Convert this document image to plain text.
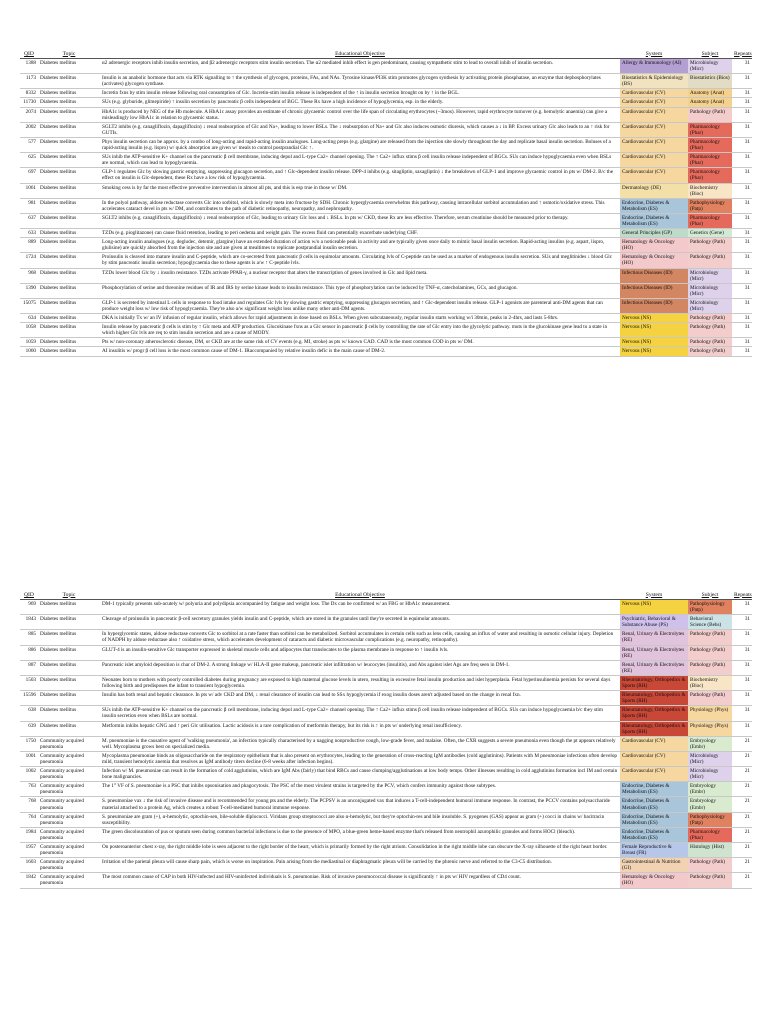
QID	Topic	Educational Objective	System	Subject	Repeats
1388	Diabetes mellitus	α2 adrenergic receptors inhib insulin secretion, and β2 adrenergic receptors stim insulin secretion. The α2 mediated inhib effect is gen predominant, causing sympathetic stim to lead to overall inhib of insulin secretion.	Allergy & Immunology (AI)	Microbiology (Micr)	31
1173	Diabetes mellitus	Insulin is an anabolic hormone that acts via RTK signalling to ↑ the synthesis of glycogen, proteins, FAs, and NAs. Tyrosine kinase/PI3K stim promotes glycogen synthesis by activating protein phosphatase, an enzyme that dephosphorylates (activates) glycogen synthase.	Biostatistics & Epidemiology (BS)	Biostatistics (Bios)	31
8332	Diabetes mellitus	Incretin fxns by stim insulin release following oral consumption of Glc. Incretin-stim insulin release is independent of the ↑ in insulin secretion brought on by ↑ in the BGL.	Cardiovascular (CV)	Anatomy (Anat)	31
11730	Diabetes mellitus	SUs (e.g. glyburide, glimepiride) ↑ insulin secretion by pancreatic β cells independent of BGC. These Rx have a high incidence of hypoglycemia, esp. in the elderly.	Cardiovascular (CV)	Anatomy (Anat)	31
2074	Diabetes mellitus	HbA1c is produced by NEG of the Hb molecule. A HbA1c assay provides an estimate of chronic glycaemic control over the life span of circulating erythrocytes (~3mos). However, rapid erythrocyte turnover (e.g. hemolytic anaemia) can give a misleadingly low HbA1c in relation to glycaemic status.	Cardiovascular (CV)	Pathology (Path)	31
2002	Diabetes mellitus	SGLT2 inhibs (e.g. canagliflozin, dapagliflozin) ↓ renal reabsorption of Glc and Na+, leading to lower BSLs. The ↓ reabsorption of Na+ and Glc also induces osmotic diuresis, which causes a ↓ in BP. Excess urinary Glc also leads to an ↑ risk for GUTIs.	Cardiovascular (CV)	Pharmacology (Phar)	31
577	Diabetes mellitus	Phys insulin secretion can be approx. by a combo of long-acting and rapid-acting insulin analogues. Long-acting preps (e.g. glargine) are released from the injection site slowly throughout the day and replicate basal insulin secretion. Boluses of a rapid-acting insulin (e.g. lispro) w/ quick absorption are given w/ meals to control postprandial Glc ↑.	Cardiovascular (CV)	Pharmacology (Phar)	31
625	Diabetes mellitus	SUs inhib the ATP-sensitive K+ channel on the pancreatic β cell membrane, inducing depol and L-type Ca2+ channel opening. The ↑ Ca2+ influx stims β cell insulin release independent of BGCs. SUs can induce hypoglycaemia even when BSLs are normal, which can lead to hypoglycaemia.	Cardiovascular (CV)	Pharmacology (Phar)	31
697	Diabetes mellitus	GLP-1 regulates Glc by slowing gastric emptying, suppressing glucagon secretion, and ↑ Glc-dependent insulin release. DPP-4 inhibs (e.g. sitagliptin, saxagliptin) ↓ the breakdown of GLP-1 and improve glycaemic control in pts w/ DM-2. B/c the effect on insulin is Glc-dependent, these Rx have a low risk of hypoglycaemia.	Cardiovascular (CV)	Pharmacology (Phar)	31
1061	Diabetes mellitus	Smoking cess is by far the most effective preventive intervention in almost all pts, and this is esp true in those w/ DM.	Dermatology (DE)	Biochemistry (Bioc)	31
981	Diabetes mellitus	In the polyol pathway, aldose reductase converts Glc into sorbitol, which is slowly meta into fructose by SDH. Chronic hyperglycaemia overwhelms this pathway, causing intracellular sorbitol accumulation and ↑ osmotic/oxidative stress. This accelerates cataract devel in pts w/ DM, and contributes to the path of diabetic retinopathy, neuropathy, and nephropathy.	Endocrine, Diabetes & Metabolism (ES)	Pathophysiology (Patp)	31
637	Diabetes mellitus	SGLT2 inhibs (e.g. canagliflozin, dapagliflozin) ↓ renal reabsorption of Glc, leading to urinary Glc loss and ↓ BSLs. In pts w/ CKD, these Rx are less effective. Therefore, serum creatinine should be measured prior to therapy.	Endocrine, Diabetes & Metabolism (ES)	Pharmacology (Phar)	31
633	Diabetes mellitus	TZDs (e.g. pioglitazone) can cause fluid retention, leading to peri oedema and weight gain. The excess fluid can potentially exacerbate underlying CHF.	General Principles (GP)	Genetics (Gene)	31
889	Diabetes mellitus	Long-acting insulin analogues (e.g. degludec, detemir, glargine) have an extended duration of action w/o a noticeable peak in activity and are typically given once daily to mimic basal insulin secretion. Rapid-acting insulins (e.g. aspart, lispro, glulisine) are quickly absorbed from the injection site and are given at mealtimes to replicate postprandial insulin secretion.	Hematology & Oncology (HO)	Pathology (Path)	31
1724	Diabetes mellitus	Proinsulin is cleaved into mature insulin and C-peptide, which are co-secreted from pancreatic β cells in equimolar amounts. Circulating lvls of C-peptide can be used as a marker of endogenous insulin secretion. SUs and meglitinides ↓ blood Glc by stim pancreatic insulin secretion; hypoglycaemia due to these agents is a/w ↑ C-peptide lvls.	Hematology & Oncology (HO)	Pathology (Path)	31
968	Diabetes mellitus	TZDs lower blood Glc by ↓ insulin resistance. TZDs activate PPAR-γ, a nuclear receptor that alters the transcription of genes involved in Glc and lipid meta.	Infectious Diseases (ID)	Microbiology (Micr)	31
1390	Diabetes mellitus	Phosphorylation of serine and threonine residues of IR and IRS by serine kinase leads to insulin resistance. This type of phosphorylation can be induced by TNF-α, catecholamines, GCs, and glucagon.	Infectious Diseases (ID)	Microbiology (Micr)	31
15075	Diabetes mellitus	GLP-1 is secreted by intestinal L cells in response to food intake and regulates Glc lvls by slowing gastric emptying, suppressing glucagon secretion, and ↑ Glc-dependent insulin release. GLP-1 agonists are parenteral anti-DM agents that can produce weight loss w/ low risk of hypoglycaemia. They're also a/w significant weight loss unlike many other anti-DM agents.	Infectious Diseases (ID)	Microbiology (Micr)	31
634	Diabetes mellitus	DKA is initially Tx w/ an IV infusion of regular insulin, which allows for rapid adjustments in dose based on BSLs. When given subcutaneously, regular insulin starts working w/i 30min, peaks in 2-4hrs, and lasts 5-8hrs.	Nervous (NS)	Pathology (Path)	31
1058	Diabetes mellitus	Insulin release by pancreatic β cells is stim by ↑ Glc meta and ATP production. Glucokinase fxns as a Glc sensor in pancreatic β cells by controlling the rate of Glc entry into the glycolytic pathway. muts in the glucokinase gene lead to a state in which higher Glc lvls are req to stim insulin secretion and are a cause of MODY.	Nervous (NS)	Pathology (Path)	31
1059	Diabetes mellitus	Pts w/ non-coronary atherosclerotic disease, DM, or CKD are at the same risk of CV events (e.g. MI, stroke) as pts w/ known CAD. CAD is the most common COD in pts w/ DM.	Nervous (NS)	Pathology (Path)	31
1060	Diabetes mellitus	AI insulitis w/ progr β cell loss is the most common cause of DM-1. IRaccompanied by relative insulin defic is the main cause of DM-2.	Nervous (NS)	Pathology (Path)	31
QID	Topic	Educational Objective	System	Subject	Repeats
969	Diabetes mellitus	DM-1 typically presents sub-acutely w/ polyuria and polydipsia accompanied by fatigue and weight loss. The Dx can be confirmed w/ an FBG or HbA1c measurement.	Nervous (NS)	Pathophysiology (Patp)	31
1843	Diabetes mellitus	Cleavage of proinsulin in pancreatic β-cell secretory granules yields insulin and C-peptide, which are stored in the granules until they're secreted in equimolar amounts.	Psychiatric, Behavioral & Substance Abuse (PS)	Behavioral Science (Behs)	31
885	Diabetes mellitus	In hyperglycemic states, aldose reductase converts Glc to sorbitol at a rate faster than sorbitol can be metabolized. Sorbitol accumulates in certain cells such as lens cells, causing an influx of water and resulting in osmotic cellular injury. Depletion of NADPH by aldose reductase also ↑ oxidative stress, which accelerates development of cataracts and diabetic microvascular complications (e.g. neuropathy, retinopathy).	Renal, Urinary & Electrolytes (RE)	Pathology (Path)	31
886	Diabetes mellitus	GLUT-4 is an insulin-sensitive Glc transporter expressed in skeletal muscle cells and adipocytes that translocates to the plasma membrane in response to ↑ insulin lvls.	Renal, Urinary & Electrolytes (RE)	Pathology (Path)	31
887	Diabetes mellitus	Pancreatic islet amyloid deposition is char of DM-2. A strong linkage w/ HLA-II gene makeup, pancreatic islet infiltration w/ leucocytes (insulitis), and Abs against islet Ags are freq seen in DM-1.	Renal, Urinary & Electrolytes (RE)	Pathology (Path)	31
1503	Diabetes mellitus	Neonates born to mothers with poorly controlled diabetes during pregnancy are exposed to high maternal glucose levels in utero, resulting in excessive fetal insulin production and islet hyperplasia. Fetal hyperinsulinemia persists for several days following birth and predisposes the infant to transient hypoglycemia.	Rheumatology, Orthopedics & Sports (RH)	Biochemistry (Bioc)	31
15596	Diabetes mellitus	Insulin has both renal and hepatic clearance. In pts w/ adv CKD and DM, ↓ renal clearance of insulin can lead to SSx hypoglycemia if exog insulin doses aren't adjusted based on the change in renal fxn.	Rheumatology, Orthopedics & Sports (RH)	Pathology (Path)	31
638	Diabetes mellitus	SUs inhib the ATP-sensitive K+ channel on the pancreatic β cell membrane, inducing depol and L-type Ca2+ channel opening. The ↑ Ca2+ influx stims β cell insulin release independent of BGCs. SUs can induce hypoglycaemia b/c they stim insulin secretion even when BSLs are normal.	Rheumatology, Orthopedics & Sports (RH)	Physiology (Phys)	31
639	Diabetes mellitus	Metformin inhibs hepatic GNG and ↑ peri Glc utilisation. Lactic acidosis is a rare complication of metformin therapy, but its risk is ↑ in pts w/ underlying renal insufficiency.	Rheumatology, Orthopedics & Sports (RH)	Physiology (Phys)	31
1750	Community acquired pneumonia	M. pneumoniae is the causative agent of 'walking pneumonia', an infection typically characterised by a nagging nonproductive cough, low-grade fever, and malaise. Often, the CXR suggests a severe pneumonia even though the pt appears relatively well. Mycoplasma grows best on specialized media.	Cardiovascular (CV)	Embryology (Embr)	21
1001	Community acquired pneumonia	Mycoplasma pneumoniae binds an oligosaccharide on the respiratory epithelium that is also present on erythrocytes, leading to the generation of cross-reacting IgM antibodies (cold agglutinins). Patients with M pneumoniae infections often develop mild, transient hemolytic anemia that resolves as IgM antibody titers decline (6-8 weeks after infection begins).	Cardiovascular (CV)	Microbiology (Micr)	21
1002	Community acquired pneumonia	Infection w/ M. pneumoniae can result in the formation of cold agglutinins, which are IgM Abs (fairly) that bind RBCs and cause clumping/agglutinations at low body temps. Other illnesses resulting in cold agglutinins formation incl IM and certain bone malignancies.	Cardiovascular (CV)	Microbiology (Micr)	21
763	Community acquired pneumonia	The 1° VF of S. pneumoniae is a PSC that inhibs opsonisation and phagocytosis. The PSC of the most virulent strains is targeted by the PCV, which confers immunity against those subtypes.	Endocrine, Diabetes & Metabolism (ES)	Embryology (Embr)	21
768	Community acquired pneumonia	S. pneumoniae vax ↓ the risk of invasive disease and is recommended for young pts and the elderly. The PCPSV is an unconjugated vax that induces a T-cell-independent humoral immune response. In contrast, the PCCV contains polysaccharide material attached to a protein Ag, which creates a robust T-cell-mediated humoral immune response.	Endocrine, Diabetes & Metabolism (ES)	Embryology (Embr)	21
764	Community acquired pneumonia	S. pneumoniae are gram (+), α-hemolytic, optochin-sen, bile-soluble diplococci. Viridans group streptococci are also α-hemolytic, but they're optochin-res and bile insoluble. S. pyogenes (GAS) appear as gram (+) cocci in chains w/ bacitracin susceptibility.	Endocrine, Diabetes & Metabolism (ES)	Pathophysiology (Patp)	21
1984	Community acquired pneumonia	The green discolouration of pus or sputum seen during common bacterial infections is due to the presence of MPO, a blue-green heme-based enzyme that's released from neutrophil azurophilic granules and forms HOCl (bleach).	Endocrine, Diabetes & Metabolism (ES)	Pharmacology (Phar)	21
1957	Community acquired pneumonia	On posteroanterior chest x-ray, the right middle lobe is seen adjacent to the right border of the heart, which is primarily formed by the right atrium. Consolidation in the right middle lobe can obscure the X-ray silhouette of the right heart border.	Female Reproductive & Breast (FR)	Histology (Hist)	21
1603	Community acquired pneumonia	Irritation of the parietal pleura will cause sharp pain, which is worse on inspiration. Pain arising from the mediastinal or diaphragmatic pleura will be carried by the phrenic nerve and referred to the C3-C5 distribution.	Gastrointestinal & Nutrition (GI)	Pathology (Path)	21
1842	Community acquired pneumonia	The most common cause of CAP in both HIV-infected and HIV-uninfected individuals is S. pneumoniae. Risk of invasive pneumococcal disease is significantly ↑ in pts w/ HIV regardless of CD4 count.	Hematology & Oncology (HO)	Pathology (Path)	21
